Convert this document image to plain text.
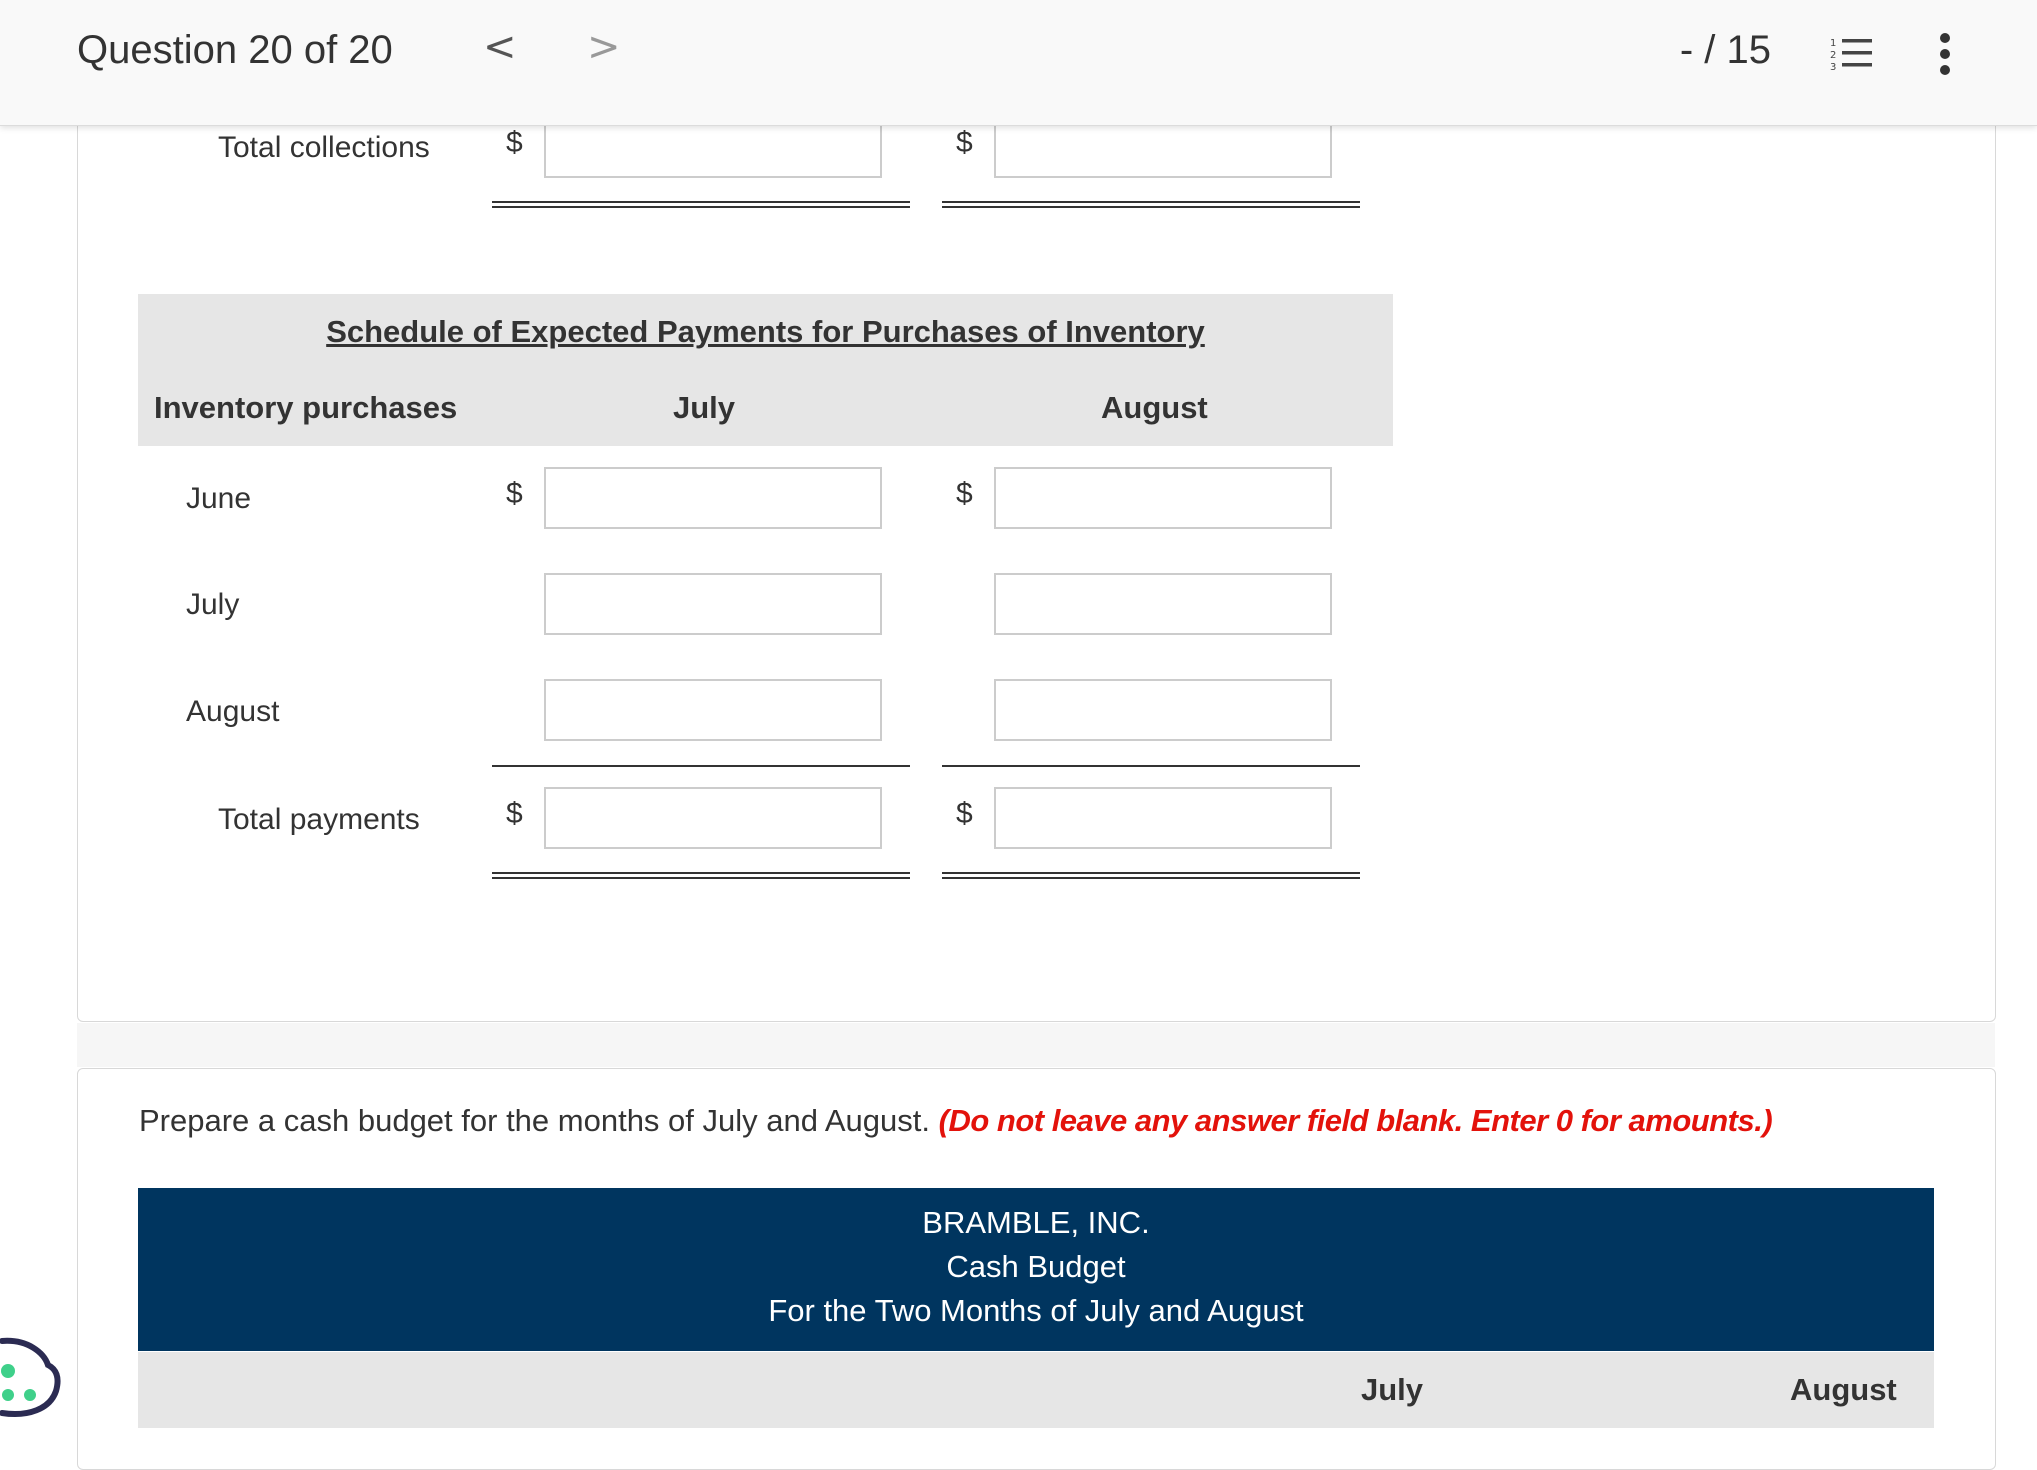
Question 20 of 20 < >	- / 15	1
2
3
Total collections	$	$
Schedule of Expected Payments for Purchases of Inventory
Inventory purchases	July	August
June	$	$
July
August
Total payments	$	$
Prepare a cash budget for the months of July and August. (Do not leave any answer field blank. Enter 0 for amounts.)
BRAMBLE, INC.
Cash Budget
For the Two Months of July and August
July	August
